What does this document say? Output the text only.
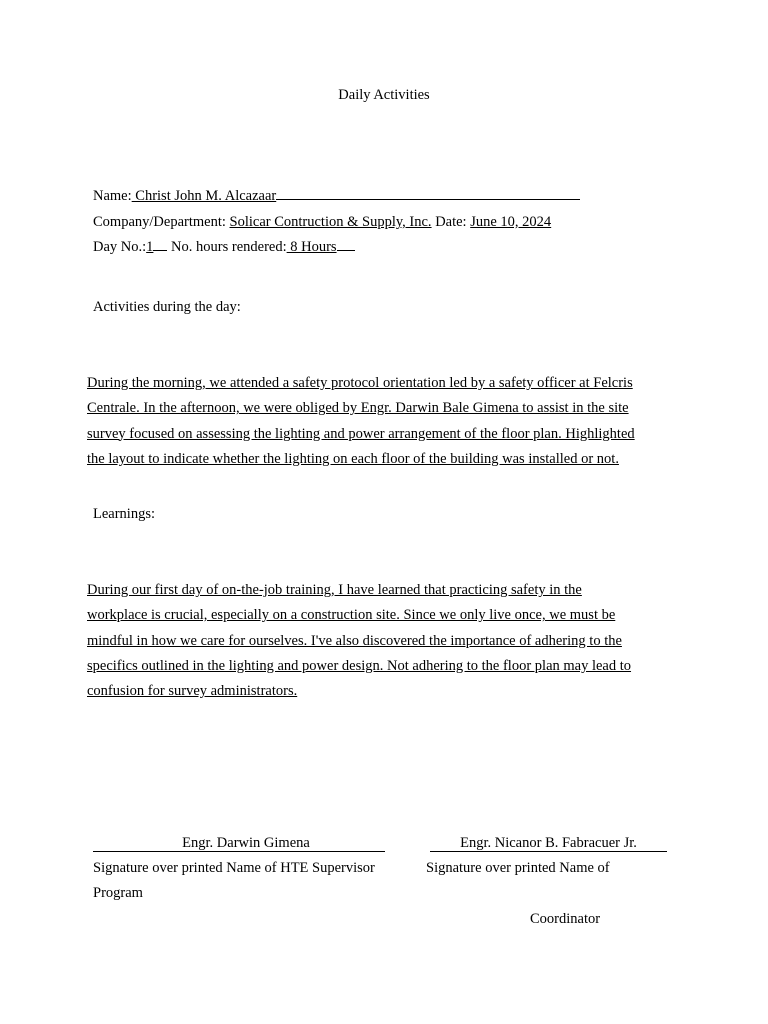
Daily Activities
Name: Christ John M. Alcazaar
Company/Department: Solicar Contruction & Supply, Inc. Date: June 10, 2024
Day No.:1 No. hours rendered: 8 Hours
Activities during the day:
During the morning, we attended a safety protocol orientation led by a safety officer at Felcris
Centrale. In the afternoon, we were obliged by Engr. Darwin Bale Gimena to assist in the site
survey focused on assessing the lighting and power arrangement of the floor plan. Highlighted
the layout to indicate whether the lighting on each floor of the building was installed or not.
Learnings:
During our first day of on-the-job training, I have learned that practicing safety in the
workplace is crucial, especially on a construction site. Since we only live once, we must be
mindful in how we care for ourselves. I've also discovered the importance of adhering to the
specifics outlined in the lighting and power design. Not adhering to the floor plan may lead to
confusion for survey administrators.
Engr. Darwin Gimena
Signature over printed Name of HTE Supervisor
Program
Engr. Nicanor B. Fabracuer Jr.
Signature over printed Name of
Coordinator
